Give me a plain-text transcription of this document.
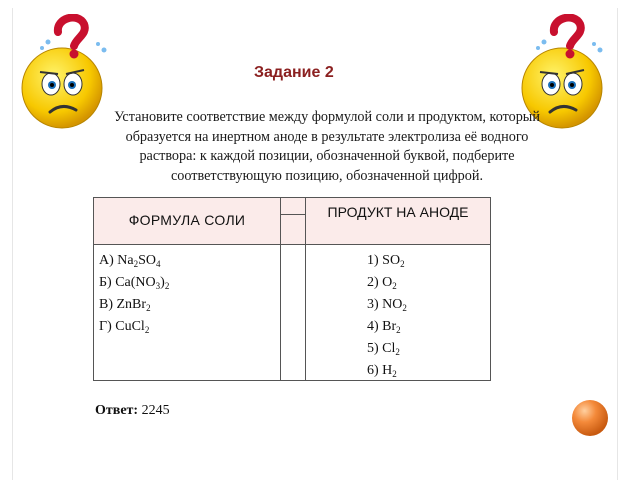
Задание 2
Установите соответствие между формулой соли и продуктом, который образуется на инертном аноде в результате электролиза её водного раствора: к каждой позиции, обозначенной буквой, подберите соответствующую позицию, обозначенной цифрой.
ФОРМУЛА СОЛИ	ПРОДУКТ НА АНОДЕ
А) $Na_2SO_4$
Б) $Ca(NO_3)_2$
В) ZnBr$_2$
Г) CuCl$_2$
1) $SO_2$
2) $O_2$
3) $NO_2$
4) $Br_2$
5) $Cl_2$
6) $H_2$
Ответ: 2245
